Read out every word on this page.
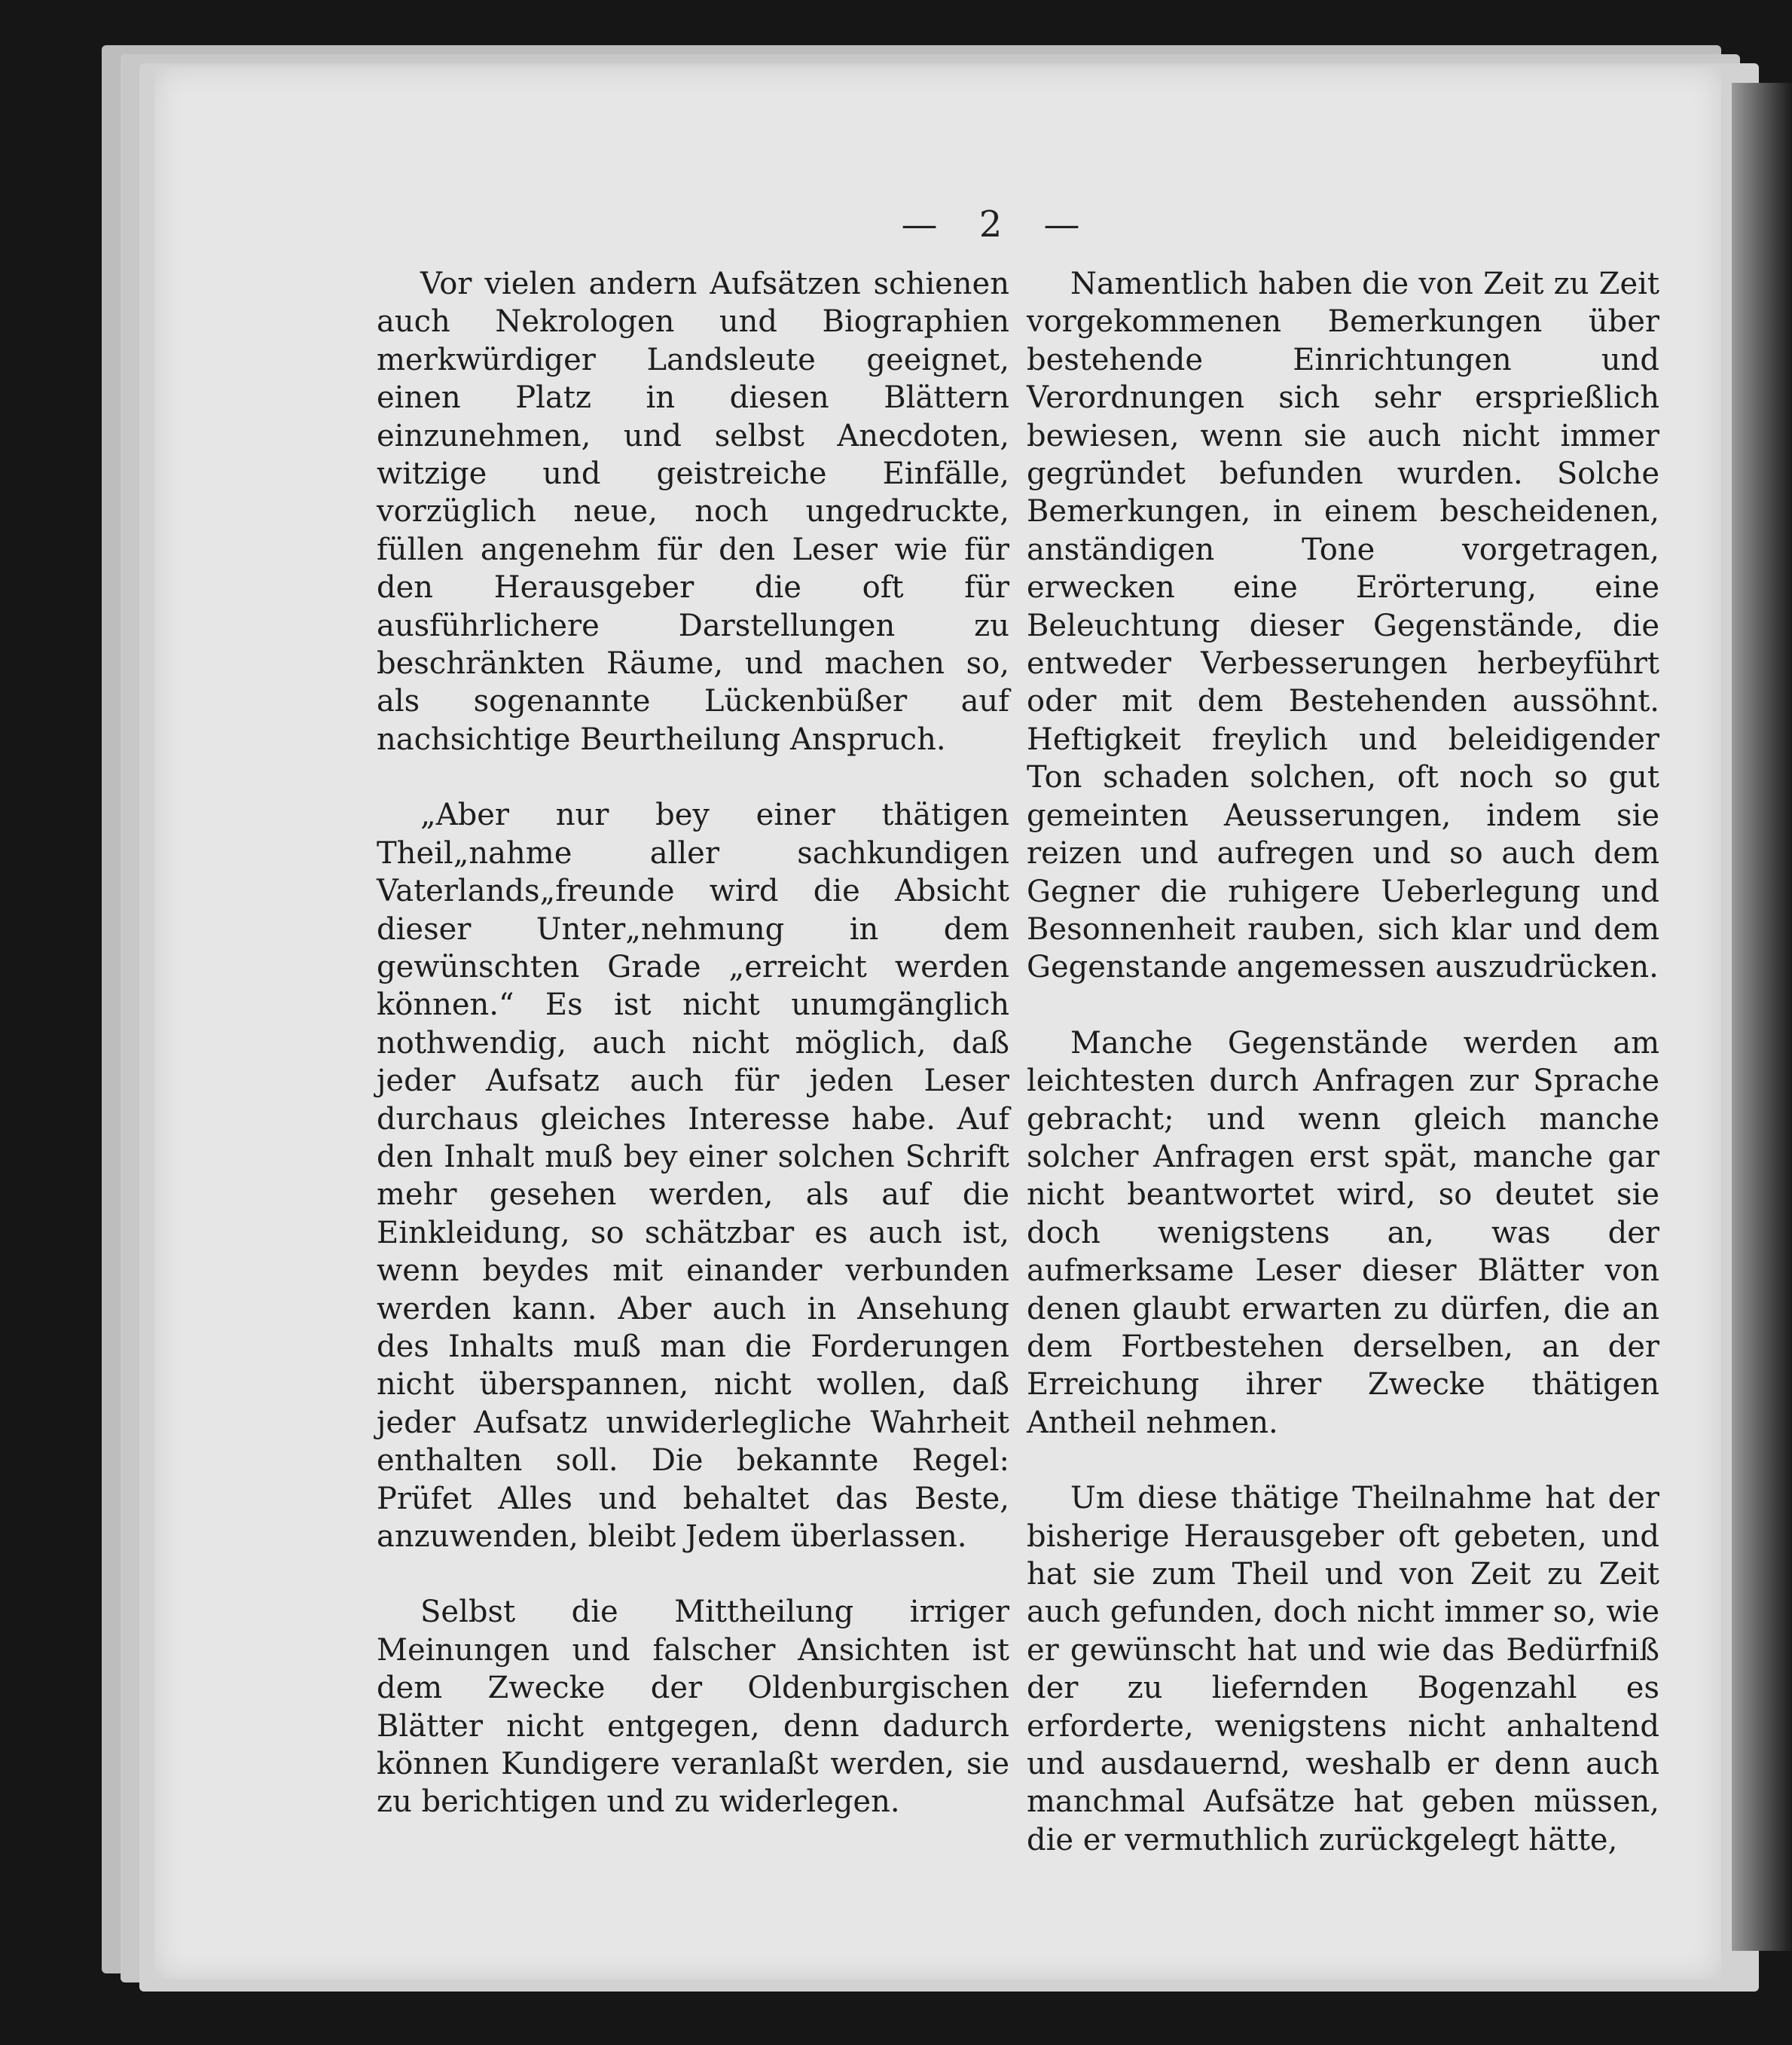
— 2 —

Vor vielen andern Aufsätzen schienen auch Nekrologen und Biographien merkwürdiger Landsleute geeignet, einen Platz in diesen Blättern einzunehmen, und selbst Anecdoten, witzige und geistreiche Einfälle, vorzüglich neue, noch ungedruckte, füllen angenehm für den Leser wie für den Herausgeber die oft für ausführlichere Darstellungen zu beschränkten Räume, und machen so, als sogenannte Lückenbüßer auf nachsichtige Beurtheilung Anspruch.

„Aber nur bey einer thätigen Theil„nahme aller sachkundigen Vaterlands„freunde wird die Absicht dieser Unter„nehmung in dem gewünschten Grade „erreicht werden können.“ Es ist nicht unumgänglich nothwendig, auch nicht möglich, daß jeder Aufsatz auch für jeden Leser durchaus gleiches Interesse habe. Auf den Inhalt muß bey einer solchen Schrift mehr gesehen werden, als auf die Einkleidung, so schätzbar es auch ist, wenn beydes mit einander verbunden werden kann. Aber auch in Ansehung des Inhalts muß man die Forderungen nicht überspannen, nicht wollen, daß jeder Aufsatz unwiderlegliche Wahrheit enthalten soll. Die bekannte Regel: Prüfet Alles und behaltet das Beste, anzuwenden, bleibt Jedem überlassen.

Selbst die Mittheilung irriger Meinungen und falscher Ansichten ist dem Zwecke der Oldenburgischen Blätter nicht entgegen, denn dadurch können Kundigere veranlaßt werden, sie zu berichtigen und zu widerlegen.

Namentlich haben die von Zeit zu Zeit vorgekommenen Bemerkungen über bestehende Einrichtungen und Verordnungen sich sehr ersprießlich bewiesen, wenn sie auch nicht immer gegründet befunden wurden. Solche Bemerkungen, in einem bescheidenen, anständigen Tone vorgetragen, erwecken eine Erörterung, eine Beleuchtung dieser Gegenstände, die entweder Verbesserungen herbeyführt oder mit dem Bestehenden aussöhnt. Heftigkeit freylich und beleidigender Ton schaden solchen, oft noch so gut gemeinten Aeusserungen, indem sie reizen und aufregen und so auch dem Gegner die ruhigere Ueberlegung und Besonnenheit rauben, sich klar und dem Gegenstande angemessen auszudrücken.

Manche Gegenstände werden am leichtesten durch Anfragen zur Sprache gebracht; und wenn gleich manche solcher Anfragen erst spät, manche gar nicht beantwortet wird, so deutet sie doch wenigstens an, was der aufmerksame Leser dieser Blätter von denen glaubt erwarten zu dürfen, die an dem Fortbestehen derselben, an der Erreichung ihrer Zwecke thätigen Antheil nehmen.

Um diese thätige Theilnahme hat der bisherige Herausgeber oft gebeten, und hat sie zum Theil und von Zeit zu Zeit auch gefunden, doch nicht immer so, wie er gewünscht hat und wie das Bedürfniß der zu liefernden Bogenzahl es erforderte, wenigstens nicht anhaltend und ausdauernd, weshalb er denn auch manchmal Aufsätze hat geben müssen, die er vermuthlich zurückgelegt hätte,
